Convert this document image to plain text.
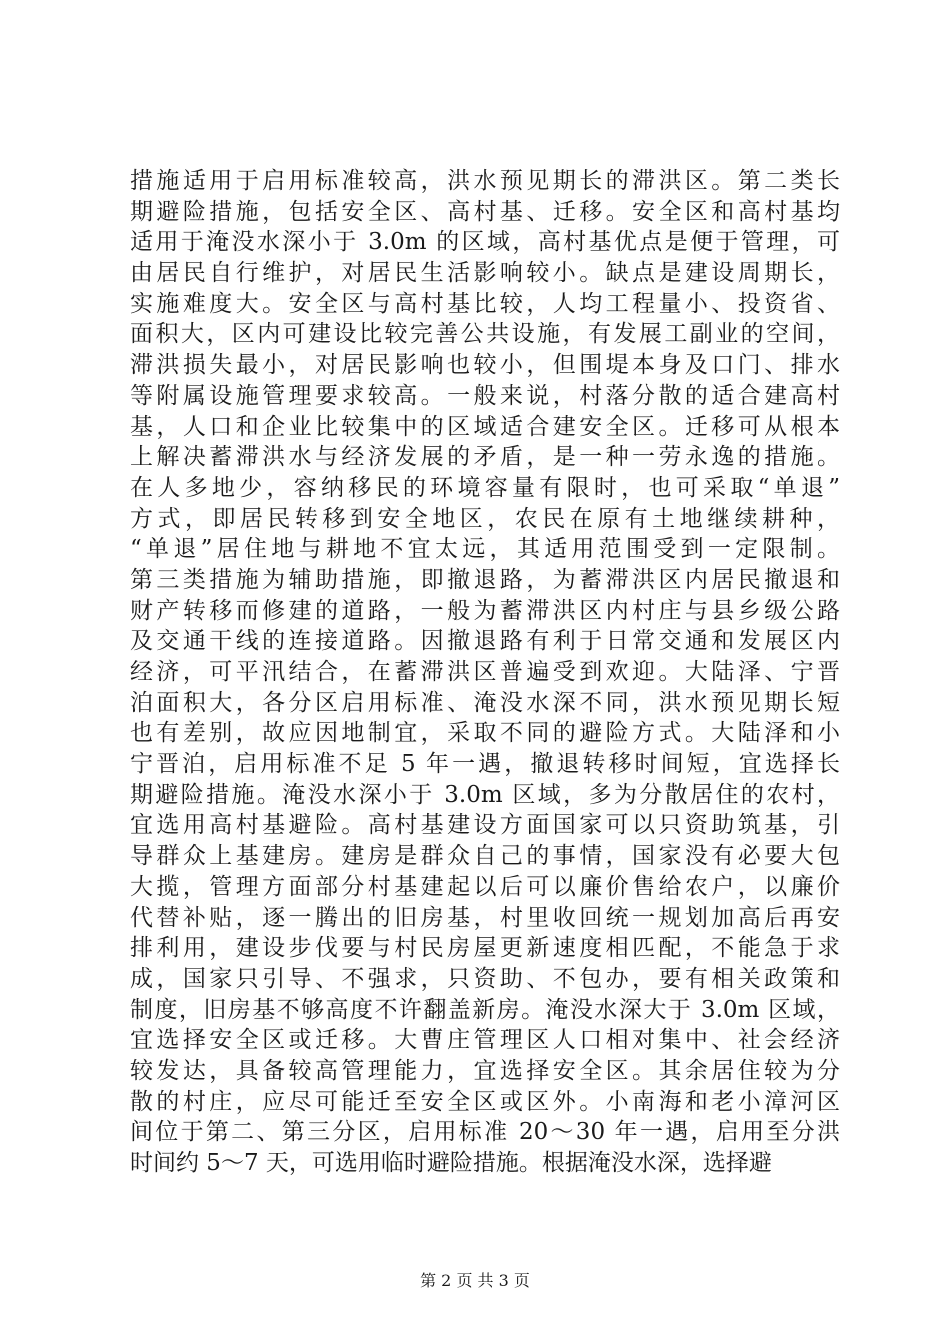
措施适用于启用标准较高，洪水预见期长的滞洪区。第二类长
期避险措施，包括安全区、高村基、迁移。安全区和高村基均
适用于淹没水深小于 3.0m 的区域，高村基优点是便于管理，可
由居民自行维护，对居民生活影响较小。缺点是建设周期长，
实施难度大。安全区与高村基比较，人均工程量小、投资省、
面积大，区内可建设比较完善公共设施，有发展工副业的空间，
滞洪损失最小，对居民影响也较小，但围堤本身及口门、排水
等附属设施管理要求较高。一般来说，村落分散的适合建高村
基，人口和企业比较集中的区域适合建安全区。迁移可从根本
上解决蓄滞洪水与经济发展的矛盾，是一种一劳永逸的措施。
在人多地少，容纳移民的环境容量有限时，也可采取“单退”
方式，即居民转移到安全地区，农民在原有土地继续耕种，
“单退”居住地与耕地不宜太远，其适用范围受到一定限制。
第三类措施为辅助措施，即撤退路，为蓄滞洪区内居民撤退和
财产转移而修建的道路，一般为蓄滞洪区内村庄与县乡级公路
及交通干线的连接道路。因撤退路有利于日常交通和发展区内
经济，可平汛结合，在蓄滞洪区普遍受到欢迎。大陆泽、宁晋
泊面积大，各分区启用标准、淹没水深不同，洪水预见期长短
也有差别，故应因地制宜，采取不同的避险方式。大陆泽和小
宁晋泊，启用标准不足 5 年一遇，撤退转移时间短，宜选择长
期避险措施。淹没水深小于 3.0m 区域，多为分散居住的农村，
宜选用高村基避险。高村基建设方面国家可以只资助筑基，引
导群众上基建房。建房是群众自己的事情，国家没有必要大包
大揽，管理方面部分村基建起以后可以廉价售给农户，以廉价
代替补贴，逐一腾出的旧房基，村里收回统一规划加高后再安
排利用，建设步伐要与村民房屋更新速度相匹配，不能急于求
成，国家只引导、不强求，只资助、不包办，要有相关政策和
制度，旧房基不够高度不许翻盖新房。淹没水深大于 3.0m 区域，
宜选择安全区或迁移。大曹庄管理区人口相对集中、社会经济
较发达，具备较高管理能力，宜选择安全区。其余居住较为分
散的村庄，应尽可能迁至安全区或区外。小南海和老小漳河区
间位于第二、第三分区，启用标准 20～30 年一遇，启用至分洪
时间约 5～7 天，可选用临时避险措施。根据淹没水深，选择避
第 2 页 共 3 页
